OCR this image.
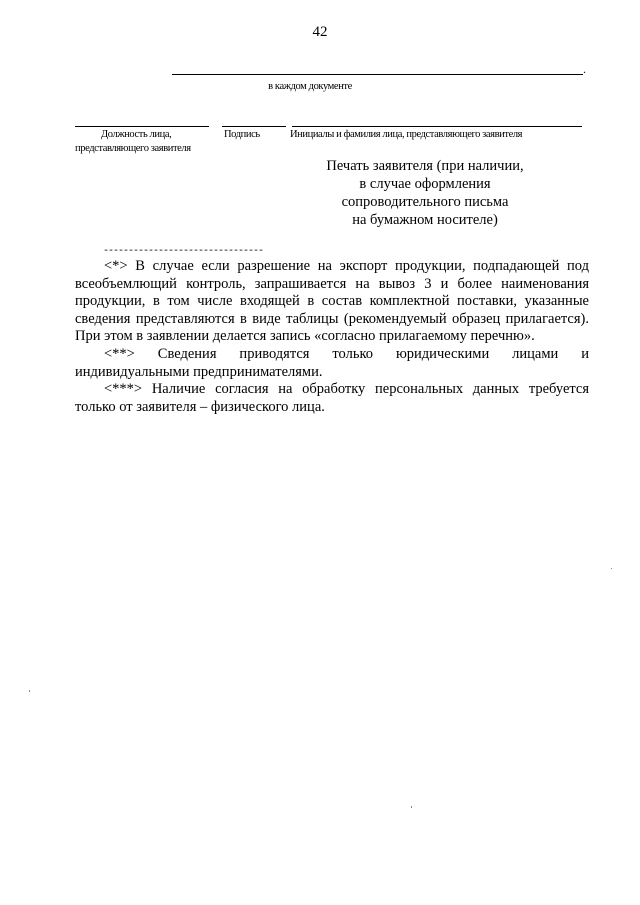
42
.
в каждом документе
Должность лица,
представляющего заявителя
Подпись	Инициалы и фамилия лица, представляющего заявителя
Печать заявителя (при наличии,
в случае оформления
сопроводительного письма
на бумажном носителе)
--------------------------------

<*> В случае если разрешение на экспорт продукции, подпадающей под всеобъемлющий контроль, запрашивается на вывоз 3 и более наименования продукции, в том числе входящей в состав комплектной поставки, указанные сведения представляются в виде таблицы (рекомендуемый образец прилагается). При этом в заявлении делается запись «согласно прилагаемому перечню».

<**> Сведения приводятся только юридическими лицами и индивидуальными предпринимателями.

<***> Наличие согласия на обработку персональных данных требуется только от заявителя – физического лица.
